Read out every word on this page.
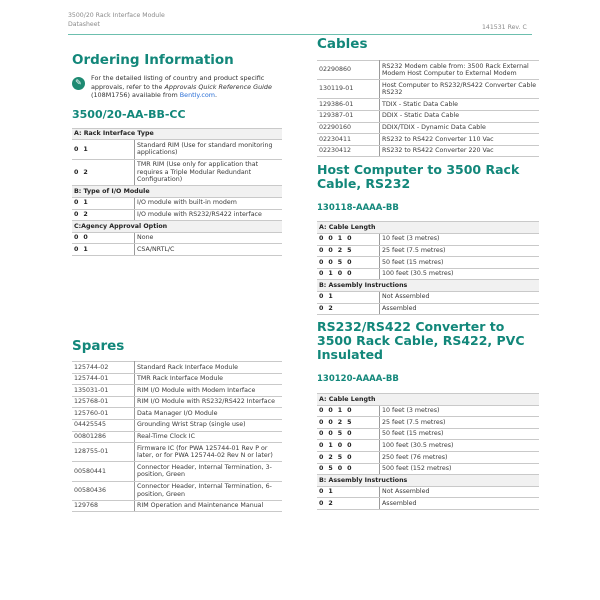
3500/20 Rack Interface Module
Datasheet	141531 Rev. C
Ordering Information
✎
For the detailed listing of country and product specific approvals, refer to the Approvals Quick Reference Guide (108M1756) available from Bently.com.
3500/20-AA-BB-CC
A: Rack Interface Type	
0 1	Standard RIM (Use for standard monitoring applications)
0 2	TMR RIM (Use only for application that requires a Triple Modular Redundant Configuration)
B: Type of I/O Module	
0 1	I/O module with built-in modem
0 2	I/O module with RS232/RS422 interface
C:Agency Approval Option	
0 0	None
0 1	CSA/NRTL/C
Spares
125744-02	Standard Rack Interface Module
125744-01	TMR Rack Interface Module
135031-01	RIM I/O Module with Modem Interface
125768-01	RIM I/O Module with RS232/RS422 Interface
125760-01	Data Manager I/O Module
04425545	Grounding Wrist Strap (single use)
00801286	Real-Time Clock IC
128755-01	Firmware IC (for PWA 125744-01 Rev P or later, or for PWA 125744-02 Rev N or later)
00580441	Connector Header, Internal Termination, 3-position, Green
00580436	Connector Header, Internal Termination, 6-position, Green
129768	RIM Operation and Maintenance Manual
Cables
02290860	RS232 Modem cable from: 3500 Rack External Modem Host Computer to External Modem
130119-01	Host Computer to RS232/RS422 Converter Cable RS232
129386-01	TDIX - Static Data Cable
129387-01	DDIX - Static Data Cable
02290160	DDIX/TDIX - Dynamic Data Cable
02230411	RS232 to RS422 Converter 110 Vac
02230412	RS232 to RS422 Converter 220 Vac
Host Computer to 3500 Rack Cable, RS232
130118-AAAA-BB
A: Cable Length	
0 0 1 0	10 feet (3 metres)
0 0 2 5	25 feet (7.5 metres)
0 0 5 0	50 feet (15 metres)
0 1 0 0	100 feet (30.5 metres)
B: Assembly Instructions	
0 1	Not Assembled
0 2	Assembled
RS232/RS422 Converter to 3500 Rack Cable, RS422, PVC Insulated
130120-AAAA-BB
A: Cable Length	
0 0 1 0	10 feet (3 metres)
0 0 2 5	25 feet (7.5 metres)
0 0 5 0	50 feet (15 metres)
0 1 0 0	100 feet (30.5 metres)
0 2 5 0	250 feet (76 metres)
0 5 0 0	500 feet (152 metres)
B: Assembly Instructions	
0 1	Not Assembled
0 2	Assembled
